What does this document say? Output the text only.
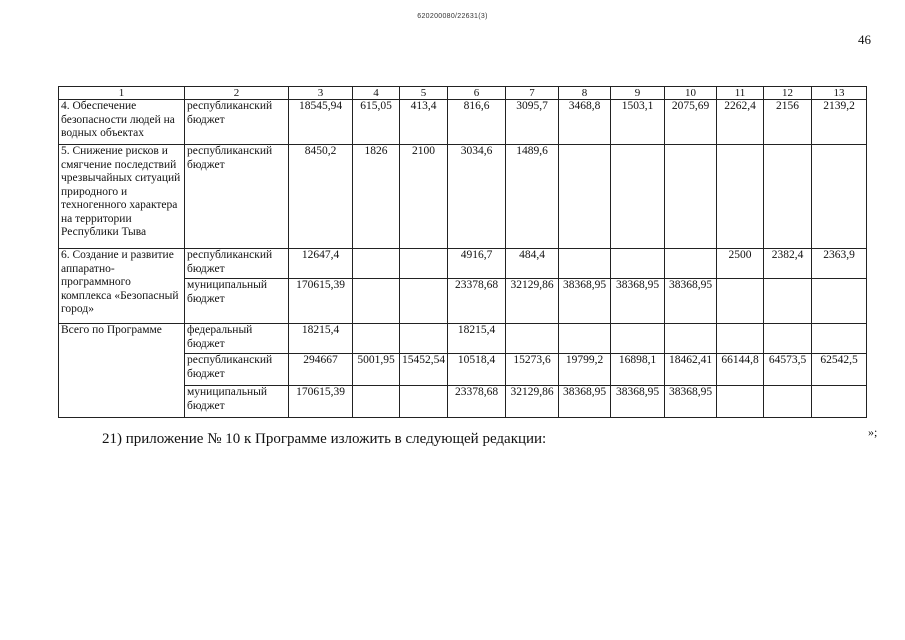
620200080/22631(3)
46
1	2	3	4	5	6	7	8	9	10	11	12	13
4. Обеспечение безопасности людей на водных объектах	республиканский бюджет	18545,94	615,05	413,4	816,6	3095,7	3468,8	1503,1	2075,69	2262,4	2156	2139,2
5. Снижение рисков и смягчение последствий чрезвычайных ситуаций природного и техногенного характера на территории Республики Тыва	республиканский бюджет	8450,2	1826	2100	3034,6	1489,6						
6. Создание и развитие аппаратно-программного комплекса «Безопасный город»	республиканский бюджет	12647,4			4916,7	484,4				2500	2382,4	2363,9
	муниципальный бюджет	170615,39			23378,68	32129,86	38368,95	38368,95	38368,95			
Всего по Программе	федеральный бюджет	18215,4			18215,4							
	республиканский бюджет	294667	5001,95	15452,54	10518,4	15273,6	19799,2	16898,1	18462,41	66144,8	64573,5	62542,5
	муниципальный бюджет	170615,39			23378,68	32129,86	38368,95	38368,95	38368,95			
»;
21) приложение № 10 к Программе изложить в следующей редакции:
